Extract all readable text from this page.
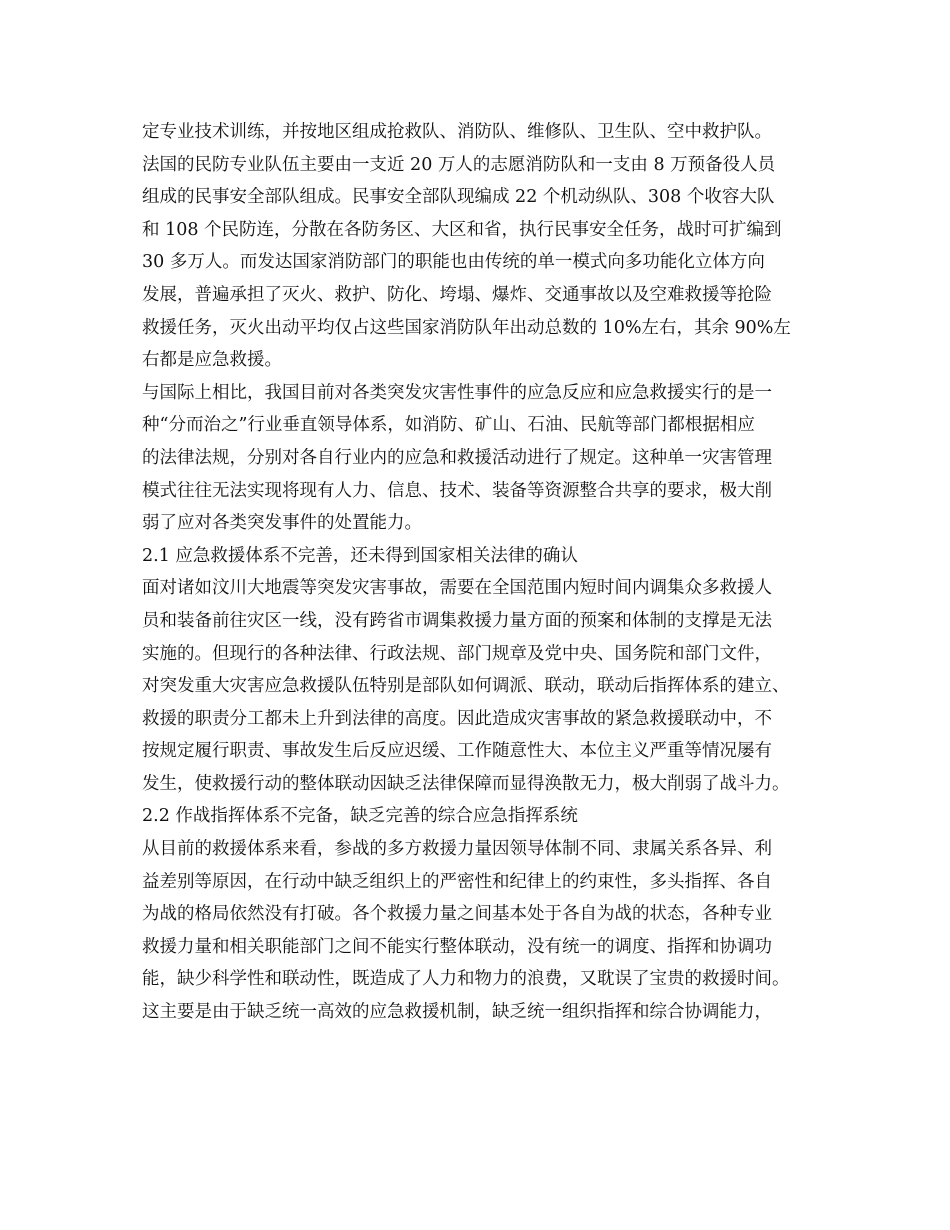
定专业技术训练，并按地区组成抢救队、消防队、维修队、卫生队、空中救护队。
法国的民防专业队伍主要由一支近 20 万人的志愿消防队和一支由 8 万预备役人员
组成的民事安全部队组成。民事安全部队现编成 22 个机动纵队、308 个收容大队
和 108 个民防连，分散在各防务区、大区和省，执行民事安全任务，战时可扩编到
30 多万人。而发达国家消防部门的职能也由传统的单一模式向多功能化立体方向
发展，普遍承担了灭火、救护、防化、垮塌、爆炸、交通事故以及空难救援等抢险
救援任务，灭火出动平均仅占这些国家消防队年出动总数的 10%左右，其余 90%左
右都是应急救援。
与国际上相比，我国目前对各类突发灾害性事件的应急反应和应急救援实行的是一
种“分而治之”行业垂直领导体系，如消防、矿山、石油、民航等部门都根据相应
的法律法规，分别对各自行业内的应急和救援活动进行了规定。这种单一灾害管理
模式往往无法实现将现有人力、信息、技术、装备等资源整合共享的要求，极大削
弱了应对各类突发事件的处置能力。
2.1 应急救援体系不完善，还未得到国家相关法律的确认
面对诸如汶川大地震等突发灾害事故，需要在全国范围内短时间内调集众多救援人
员和装备前往灾区一线，没有跨省市调集救援力量方面的预案和体制的支撑是无法
实施的。但现行的各种法律、行政法规、部门规章及党中央、国务院和部门文件，
对突发重大灾害应急救援队伍特别是部队如何调派、联动，联动后指挥体系的建立、
救援的职责分工都未上升到法律的高度。因此造成灾害事故的紧急救援联动中，不
按规定履行职责、事故发生后反应迟缓、工作随意性大、本位主义严重等情况屡有
发生，使救援行动的整体联动因缺乏法律保障而显得涣散无力，极大削弱了战斗力。
2.2 作战指挥体系不完备，缺乏完善的综合应急指挥系统
从目前的救援体系来看，参战的多方救援力量因领导体制不同、隶属关系各异、利
益差别等原因，在行动中缺乏组织上的严密性和纪律上的约束性，多头指挥、各自
为战的格局依然没有打破。各个救援力量之间基本处于各自为战的状态，各种专业
救援力量和相关职能部门之间不能实行整体联动，没有统一的调度、指挥和协调功
能，缺少科学性和联动性，既造成了人力和物力的浪费，又耽误了宝贵的救援时间。
这主要是由于缺乏统一高效的应急救援机制，缺乏统一组织指挥和综合协调能力，
